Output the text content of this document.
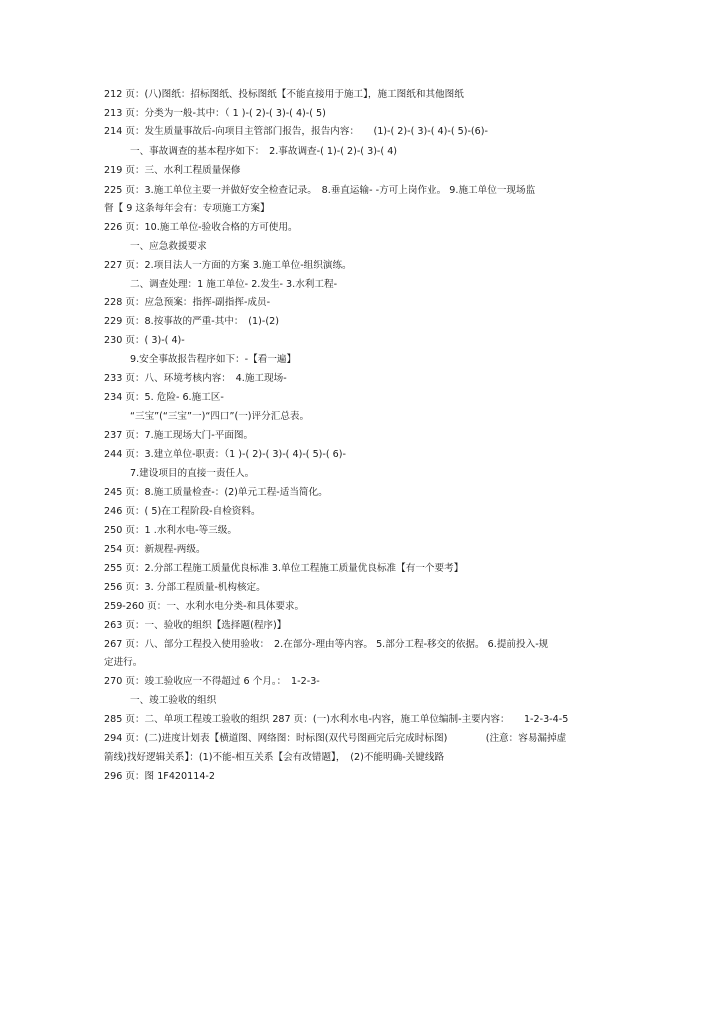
212 页：(八)图纸：招标图纸、投标图纸【不能直接用于施工】，施工图纸和其他图纸
213 页：分类为一般-其中：（ 1 )-( 2)-( 3)-( 4)-( 5)
214 页：发生质量事故后-向项目主管部门报告，报告内容：　　(1)-( 2)-( 3)-( 4)-( 5)-(6)-
一、事故调查的基本程序如下：　2.事故调查-( 1)-( 2)-( 3)-( 4)
219 页：三、水利工程质量保修
225 页：3.施工单位主要一并做好安全检查记录。　8.垂直运输- -方可上岗作业。 9.施工单位一现场监
督【 9 这条每年会有：专项施工方案】
226 页：10.施工单位-验收合格的方可使用。
一、应急救援要求
227 页：2.项目法人一方面的方案 3.施工单位-组织演练。
二、调查处理：1 施工单位- 2.发生- 3.水利工程-
228 页：应急预案：指挥-副指挥-成员-
229 页：8.按事故的严重-其中：　(1)-(2)
230 页：( 3)-( 4)-
9.安全事故报告程序如下：-【看一遍】
233 页：八、环境考核内容：　4.施工现场-
234 页：5. 危险- 6.施工区-
“三宝”(“三宝”一)“四口”(一)评分汇总表。
237 页：7.施工现场大门-平面图。
244 页：3.建立单位-职责：（1 )-( 2)-( 3)-( 4)-( 5)-( 6)-
7.建设项目的直接一责任人。
245 页：8.施工质量检查-：(2)单元工程-适当简化。
246 页：( 5)在工程阶段-自检资料。
250 页：1 .水利水电-等三级。
254 页：新规程-两级。
255 页：2.分部工程施工质量优良标准 3.单位工程施工质量优良标准【有一个要考】
256 页：3. 分部工程质量-机构核定。
259-260 页：一、水利水电分类-和具体要求。
263 页：一、验收的组织【选择题(程序)】
267 页：八、部分工程投入使用验收：　2.在部分-理由等内容。 5.部分工程-移交的依据。 6.提前投入-规
定进行。
270 页：竣工验收应一不得超过 6 个月。：　1-2-3-
一、竣工验收的组织
285 页：二、单项工程竣工验收的组织 287 页：(一)水利水电-内容，施工单位编制-主要内容：　　1-2-3-4-5
294 页：(二)进度计划表【横道图、网络图：时标图(双代号图画完后完成时标图)　　　　(注意：容易漏掉虚
箭线)找好逻辑关系】：(1)不能-相互关系【会有改错题】，　(2)不能明确-关键线路
296 页：图 1F420114-2
